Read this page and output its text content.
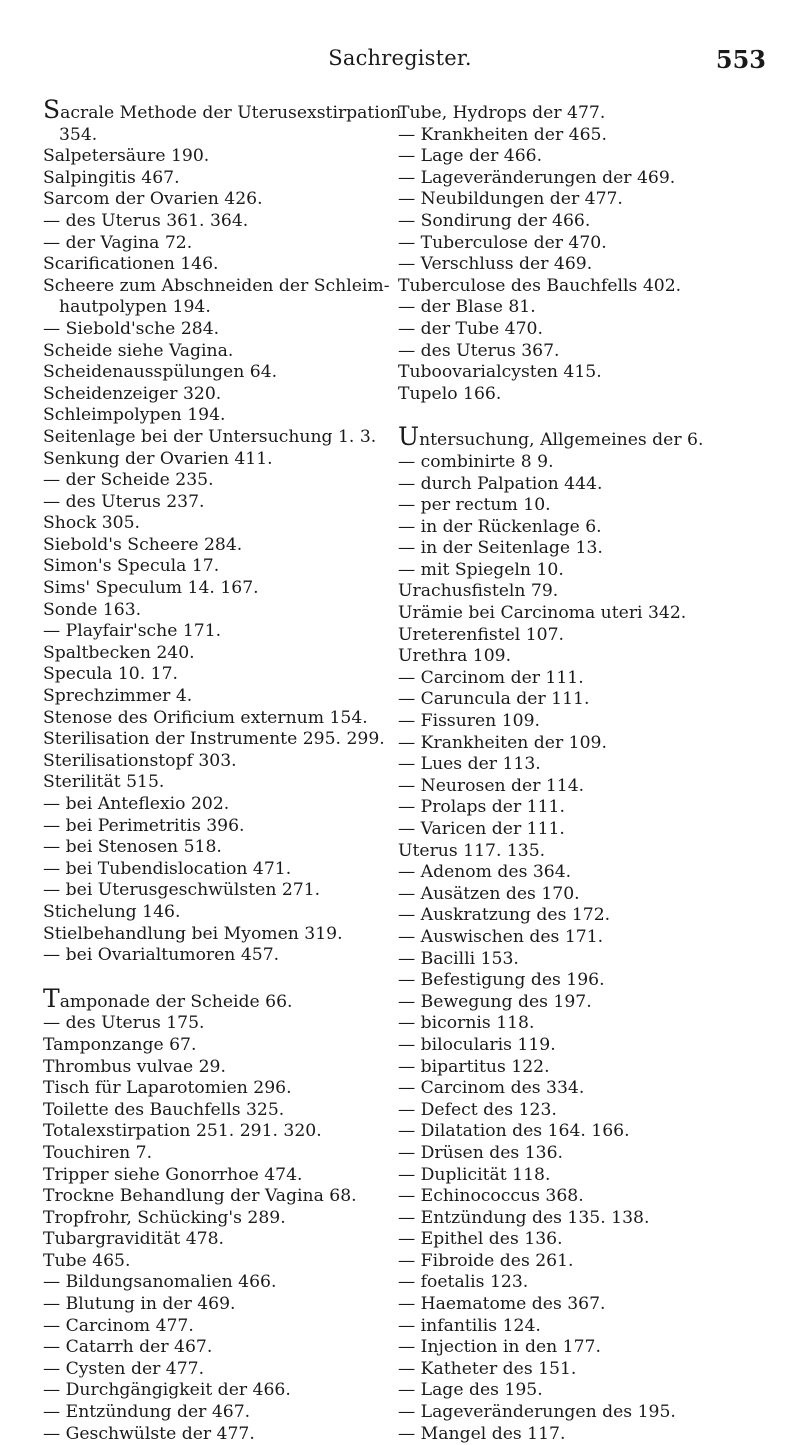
Sachregister.	553
Sacrale Methode der Uterusexstirpation
354.
Salpetersäure 190.
Salpingitis 467.
Sarcom der Ovarien 426.
— des Uterus 361. 364.
— der Vagina 72.
Scarificationen 146.
Scheere zum Abschneiden der Schleim-
hautpolypen 194.
— Siebold'sche 284.
Scheide siehe Vagina.
Scheidenausspülungen 64.
Scheidenzeiger 320.
Schleimpolypen 194.
Seitenlage bei der Untersuchung 1. 3.
Senkung der Ovarien 411.
— der Scheide 235.
— des Uterus 237.
Shock 305.
Siebold's Scheere 284.
Simon's Specula 17.
Sims' Speculum 14. 167.
Sonde 163.
— Playfair'sche 171.
Spaltbecken 240.
Specula 10. 17.
Sprechzimmer 4.
Stenose des Orificium externum 154.
Sterilisation der Instrumente 295. 299.
Sterilisationstopf 303.
Sterilität 515.
— bei Anteflexio 202.
— bei Perimetritis 396.
— bei Stenosen 518.
— bei Tubendislocation 471.
— bei Uterusgeschwülsten 271.
Stichelung 146.
Stielbehandlung bei Myomen 319.
— bei Ovarialtumoren 457.
Tamponade der Scheide 66.
— des Uterus 175.
Tamponzange 67.
Thrombus vulvae 29.
Tisch für Laparotomien 296.
Toilette des Bauchfells 325.
Totalexstirpation 251. 291. 320.
Touchiren 7.
Tripper siehe Gonorrhoe 474.
Trockne Behandlung der Vagina 68.
Tropfrohr, Schücking's 289.
Tubargravidität 478.
Tube 465.
— Bildungsanomalien 466.
— Blutung in der 469.
— Carcinom 477.
— Catarrh der 467.
— Cysten der 477.
— Durchgängigkeit der 466.
— Entzündung der 467.
— Geschwülste der 477.
Tube, Hydrops der 477.
— Krankheiten der 465.
— Lage der 466.
— Lageveränderungen der 469.
— Neubildungen der 477.
— Sondirung der 466.
— Tuberculose der 470.
— Verschluss der 469.
Tuberculose des Bauchfells 402.
— der Blase 81.
— der Tube 470.
— des Uterus 367.
Tuboovarialcysten 415.
Tupelo 166.
Untersuchung, Allgemeines der 6.
— combinirte 8 9.
— durch Palpation 444.
— per rectum 10.
— in der Rückenlage 6.
— in der Seitenlage 13.
— mit Spiegeln 10.
Urachusfisteln 79.
Urämie bei Carcinoma uteri 342.
Ureterenfistel 107.
Urethra 109.
— Carcinom der 111.
— Caruncula der 111.
— Fissuren 109.
— Krankheiten der 109.
— Lues der 113.
— Neurosen der 114.
— Prolaps der 111.
— Varicen der 111.
Uterus 117. 135.
— Adenom des 364.
— Ausätzen des 170.
— Auskratzung des 172.
— Auswischen des 171.
— Bacilli 153.
— Befestigung des 196.
— Bewegung des 197.
— bicornis 118.
— bilocularis 119.
— bipartitus 122.
— Carcinom des 334.
— Defect des 123.
— Dilatation des 164. 166.
— Drüsen des 136.
— Duplicität 118.
— Echinococcus 368.
— Entzündung des 135. 138.
— Epithel des 136.
— Fibroide des 261.
— foetalis 123.
— Haematome des 367.
— infantilis 124.
— Injection in den 177.
— Katheter des 151.
— Lage des 195.
— Lageveränderungen des 195.
— Mangel des 117.
